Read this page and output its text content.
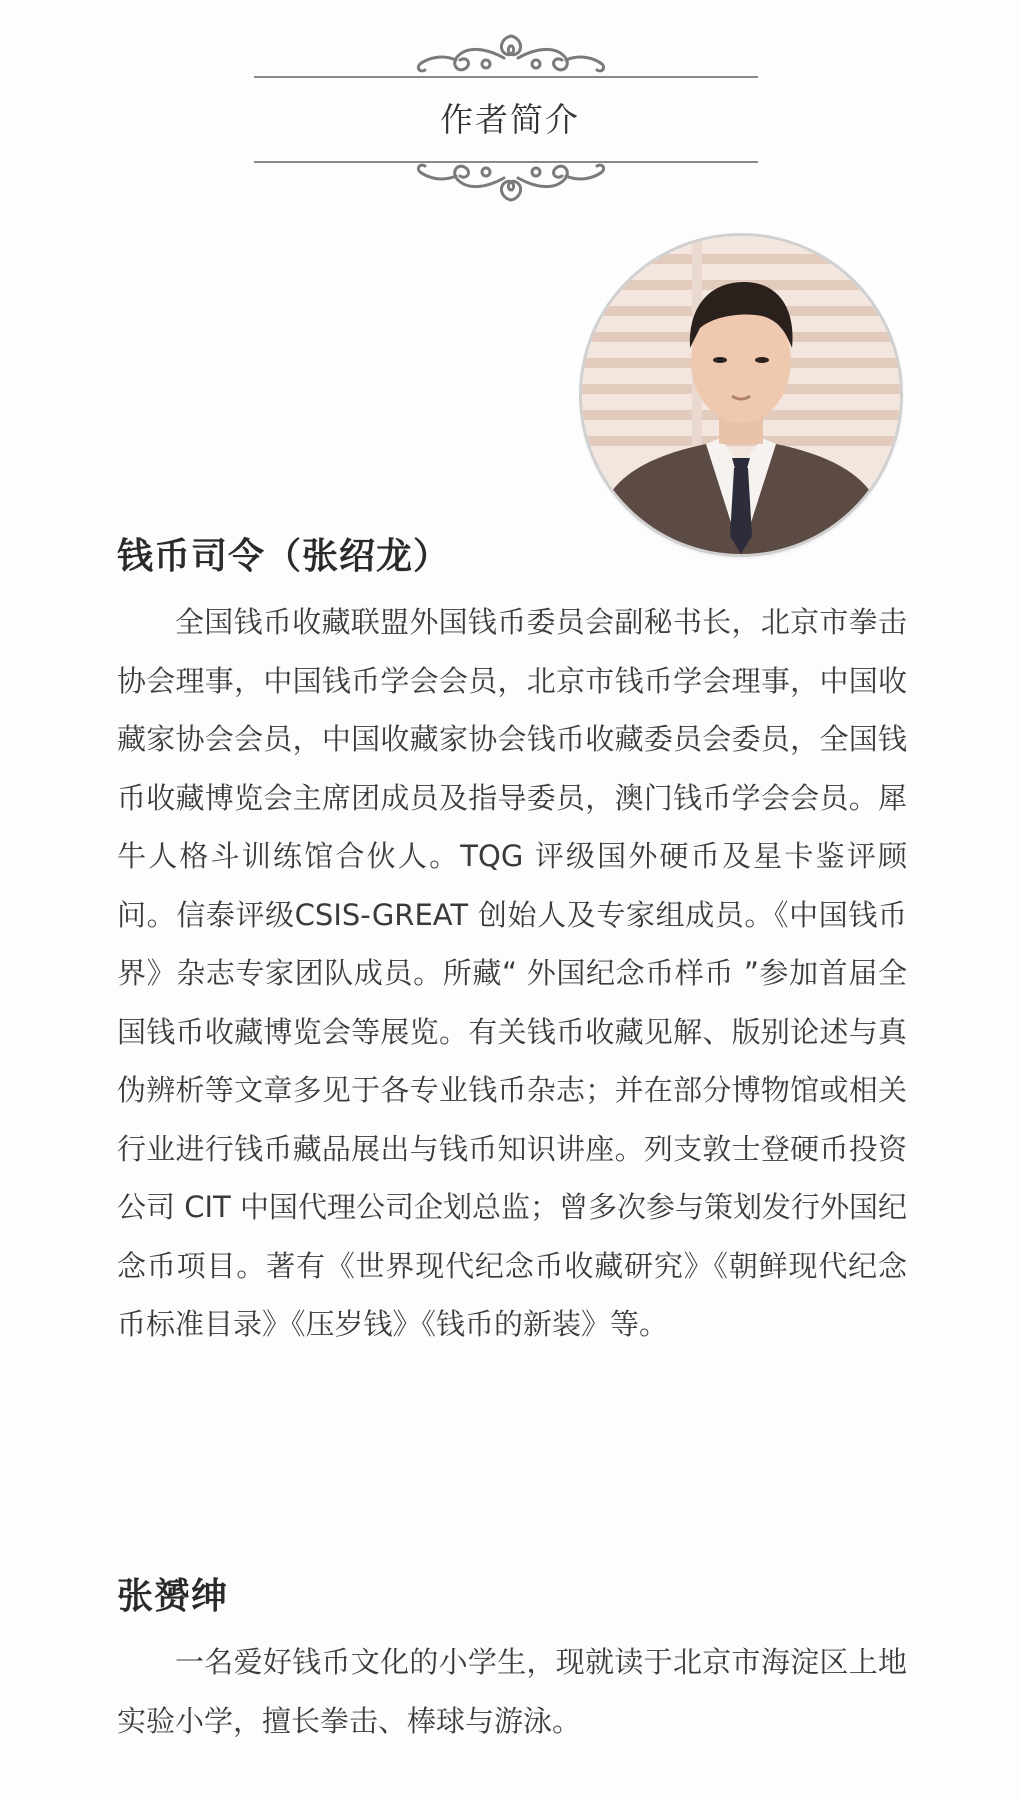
作者简介
钱币司令（张绍龙）

全国钱币收藏联盟外国钱币委员会副秘书长，北京市拳击协会理事，中国钱币学会会员，北京市钱币学会理事，中国收藏家协会会员，中国收藏家协会钱币收藏委员会委员，全国钱币收藏博览会主席团成员及指导委员，澳门钱币学会会员。犀牛人格斗训练馆合伙人。TQG 评级国外硬币及星卡鉴评顾问。信泰评级CSIS-GREAT 创始人及专家组成员。《中国钱币界》杂志专家团队成员。所藏“ 外国纪念币样币 ”参加首届全国钱币收藏博览会等展览。有关钱币收藏见解、版别论述与真伪辨析等文章多见于各专业钱币杂志；并在部分博物馆或相关行业进行钱币藏品展出与钱币知识讲座。列支敦士登硬币投资公司 CIT 中国代理公司企划总监；曾多次参与策划发行外国纪念币项目。著有《世界现代纪念币收藏研究》《朝鲜现代纪念币标准目录》《压岁钱》《钱币的新装》等。

张赟绅

一名爱好钱币文化的小学生，现就读于北京市海淀区上地实验小学，擅长拳击、棒球与游泳。
